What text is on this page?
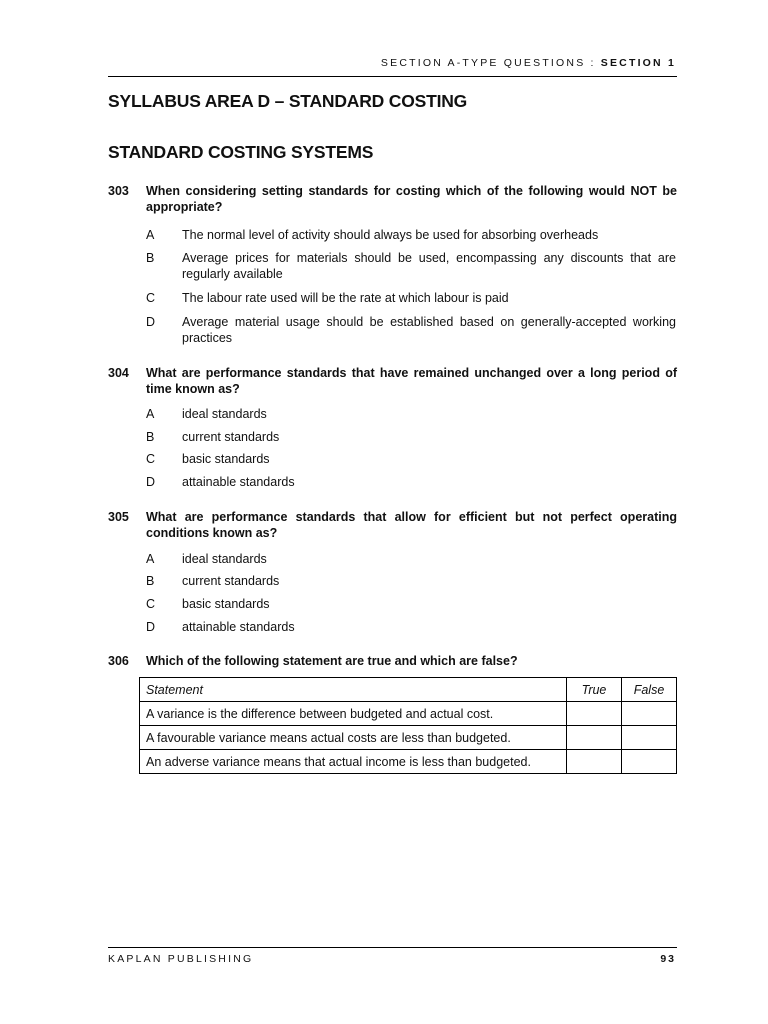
SECTION A-TYPE QUESTIONS : SECTION 1
SYLLABUS AREA D – STANDARD COSTING
STANDARD COSTING SYSTEMS
303 When considering setting standards for costing which of the following would NOT be appropriate?
A The normal level of activity should always be used for absorbing overheads
B Average prices for materials should be used, encompassing any discounts that are regularly available
C The labour rate used will be the rate at which labour is paid
D Average material usage should be established based on generally-accepted working practices
304 What are performance standards that have remained unchanged over a long period of time known as?
A ideal standards
B current standards
C basic standards
D attainable standards
305 What are performance standards that allow for efficient but not perfect operating conditions known as?
A ideal standards
B current standards
C basic standards
D attainable standards
306 Which of the following statement are true and which are false?
Statement	True	False
A variance is the difference between budgeted and actual cost.		
A favourable variance means actual costs are less than budgeted.		
An adverse variance means that actual income is less than budgeted.		
KAPLAN PUBLISHING	93
